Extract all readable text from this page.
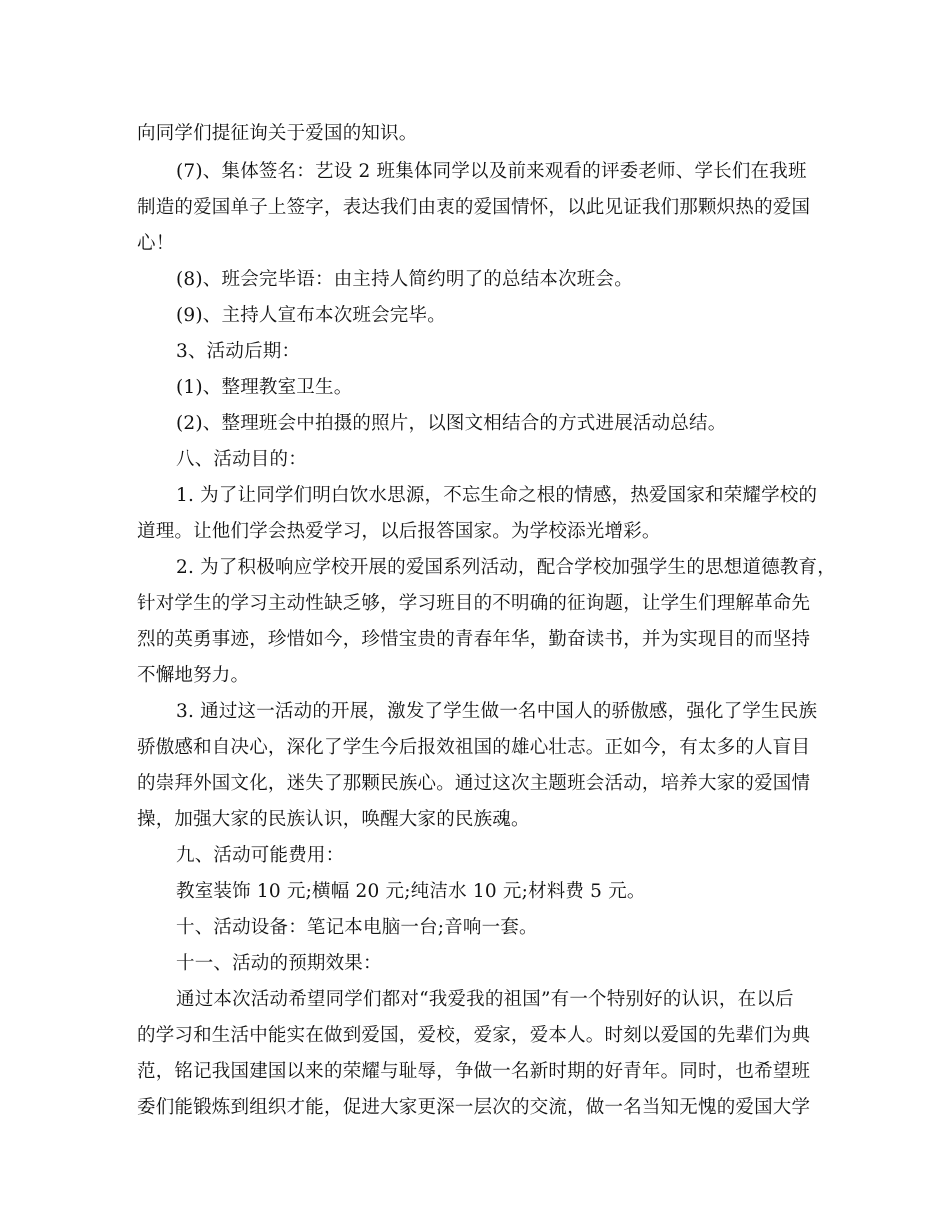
向同学们提征询关于爱国的知识。
(7)、集体签名：艺设 2 班集体同学以及前来观看的评委老师、学长们在我班
制造的爱国单子上签字，表达我们由衷的爱国情怀，以此见证我们那颗炽热的爱国
心！
(8)、班会完毕语：由主持人简约明了的总结本次班会。
(9)、主持人宣布本次班会完毕。
3、活动后期：
(1)、整理教室卫生。
(2)、整理班会中拍摄的照片，以图文相结合的方式进展活动总结。
八、活动目的：
1. 为了让同学们明白饮水思源，不忘生命之根的情感，热爱国家和荣耀学校的
道理。让他们学会热爱学习，以后报答国家。为学校添光增彩。
2. 为了积极响应学校开展的爱国系列活动，配合学校加强学生的思想道德教育，
针对学生的学习主动性缺乏够，学习班目的不明确的征询题，让学生们理解革命先
烈的英勇事迹，珍惜如今，珍惜宝贵的青春年华，勤奋读书，并为实现目的而坚持
不懈地努力。
3. 通过这一活动的开展，激发了学生做一名中国人的骄傲感，强化了学生民族
骄傲感和自决心，深化了学生今后报效祖国的雄心壮志。正如今，有太多的人盲目
的崇拜外国文化，迷失了那颗民族心。通过这次主题班会活动，培养大家的爱国情
操，加强大家的民族认识，唤醒大家的民族魂。
九、活动可能费用：
教室装饰 10 元;横幅 20 元;纯洁水 10 元;材料费 5 元。
十、活动设备：笔记本电脑一台;音响一套。
十一、活动的预期效果：
通过本次活动希望同学们都对“我爱我的祖国”有一个特别好的认识，在以后
的学习和生活中能实在做到爱国，爱校，爱家，爱本人。时刻以爱国的先辈们为典
范，铭记我国建国以来的荣耀与耻辱，争做一名新时期的好青年。同时，也希望班
委们能锻炼到组织才能，促进大家更深一层次的交流，做一名当知无愧的爱国大学
